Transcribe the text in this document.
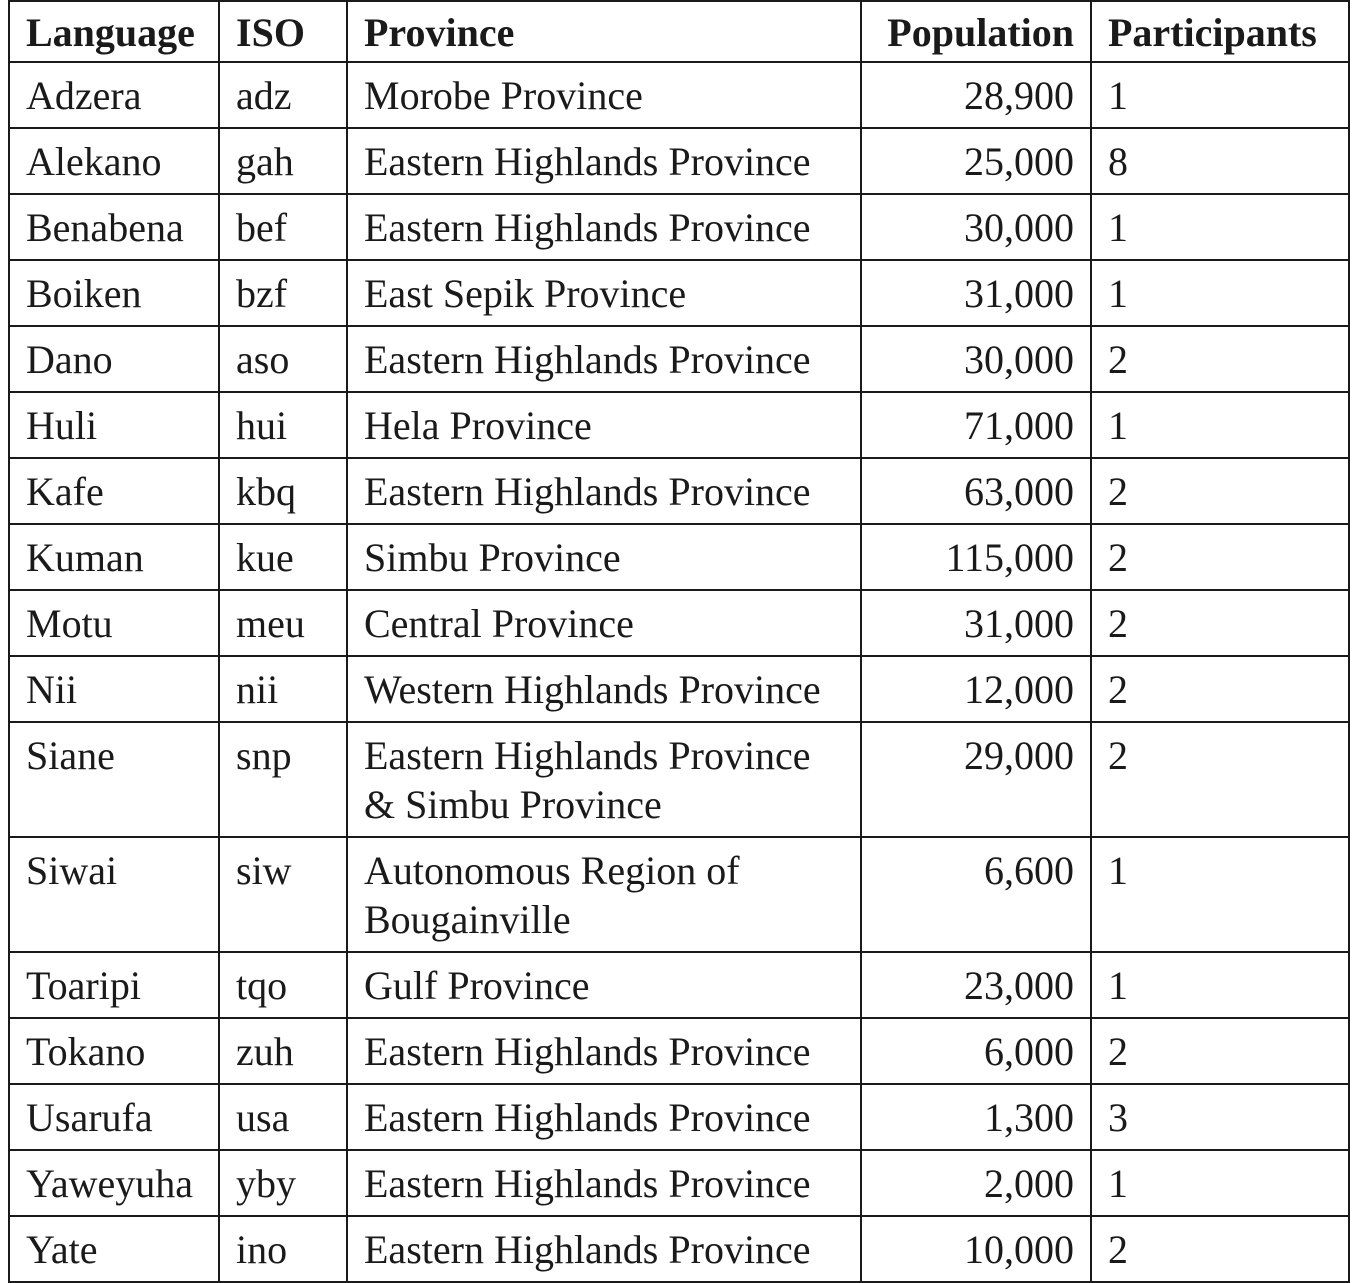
Language	ISO	Province	Population	Participants
Adzera	adz	Morobe Province	28,900	1
Alekano	gah	Eastern Highlands Province	25,000	8
Benabena	bef	Eastern Highlands Province	30,000	1
Boiken	bzf	East Sepik Province	31,000	1
Dano	aso	Eastern Highlands Province	30,000	2
Huli	hui	Hela Province	71,000	1
Kafe	kbq	Eastern Highlands Province	63,000	2
Kuman	kue	Simbu Province	115,000	2
Motu	meu	Central Province	31,000	2
Nii	nii	Western Highlands Province	12,000	2
Siane	snp	Eastern Highlands Province & Simbu Province	29,000	2
Siwai	siw	Autonomous Region of Bougainville	6,600	1
Toaripi	tqo	Gulf Province	23,000	1
Tokano	zuh	Eastern Highlands Province	6,000	2
Usarufa	usa	Eastern Highlands Province	1,300	3
Yaweyuha	yby	Eastern Highlands Province	2,000	1
Yate	ino	Eastern Highlands Province	10,000	2
